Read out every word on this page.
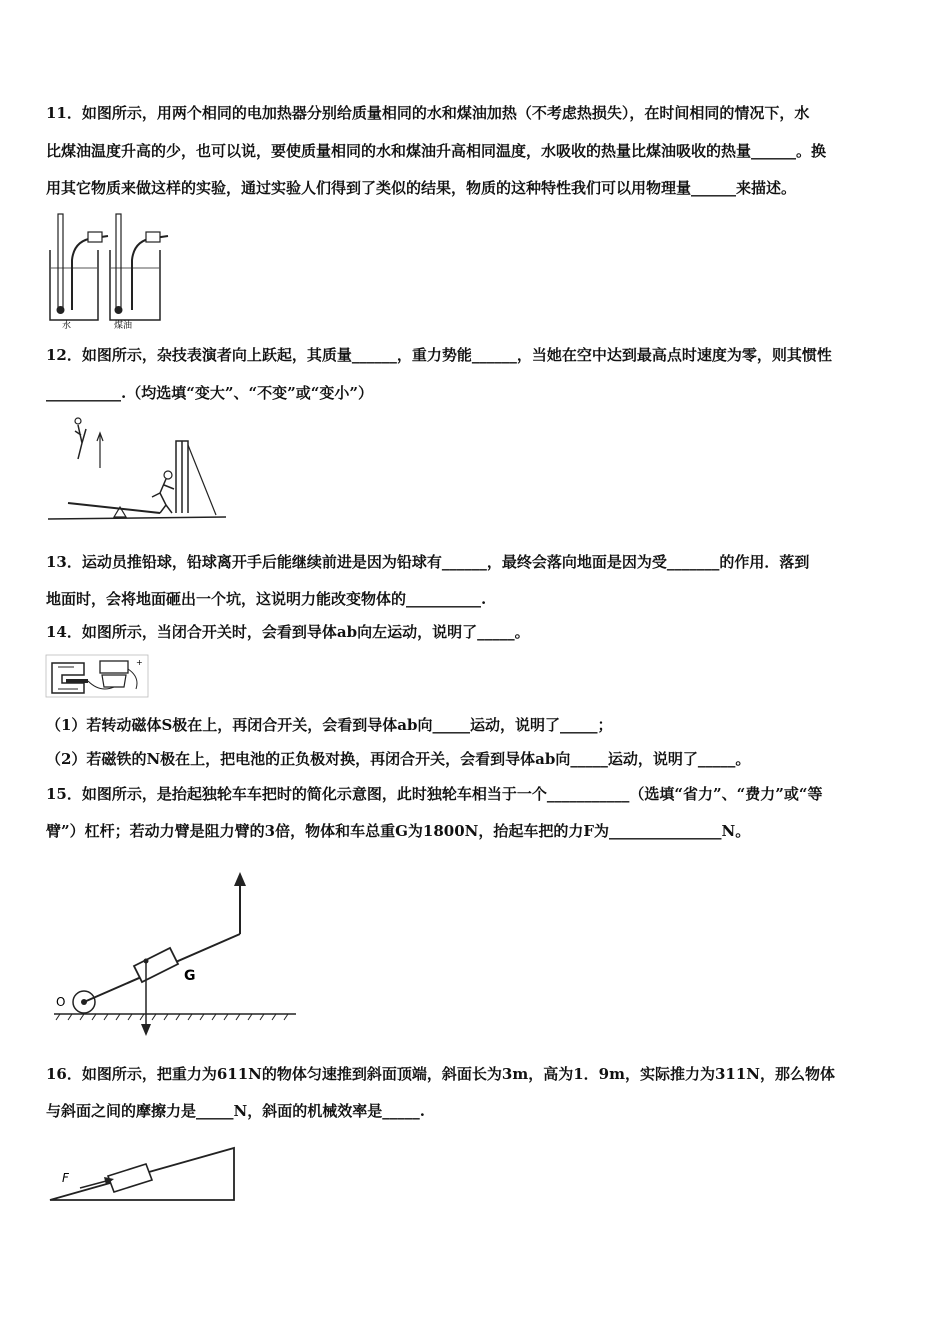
11．如图所示，用两个相同的电加热器分别给质量相同的水和煤油加热（不考虑热损失），在时间相同的情况下，水
比煤油温度升高的少，也可以说，要使质量相同的水和煤油升高相同温度，水吸收的热量比煤油吸收的热量______。换
用其它物质来做这样的实验，通过实验人们得到了类似的结果，物质的这种特性我们可以用物理量______来描述。
水	煤油
12．如图所示，杂技表演者向上跃起，其质量______，重力势能______，当她在空中达到最高点时速度为零，则其惯性
__________.（均选填“变大”、“不变”或“变小”）
13．运动员推铅球，铅球离开手后能继续前进是因为铅球有______，最终会落向地面是因为受_______的作用．落到
地面时，会将地面砸出一个坑，这说明力能改变物体的__________.
14．如图所示，当闭合开关时，会看到导体ab向左运动，说明了_____。
+
（1）若转动磁体S极在上，再闭合开关，会看到导体ab向_____运动，说明了_____；
（2）若磁铁的N极在上，把电池的正负极对换，再闭合开关，会看到导体ab向_____运动，说明了_____。
15．如图所示，是抬起独轮车车把时的简化示意图，此时独轮车相当于一个___________（选填“省力”、“费力”或“等
臂”）杠杆；若动力臂是阻力臂的3倍，物体和车总重G为1800N，抬起车把的力F为_______________N。
O
G
16．如图所示，把重力为611N的物体匀速推到斜面顶端，斜面长为3m，高为1．9m，实际推力为311N，那么物体
与斜面之间的摩擦力是_____N，斜面的机械效率是_____.
F
